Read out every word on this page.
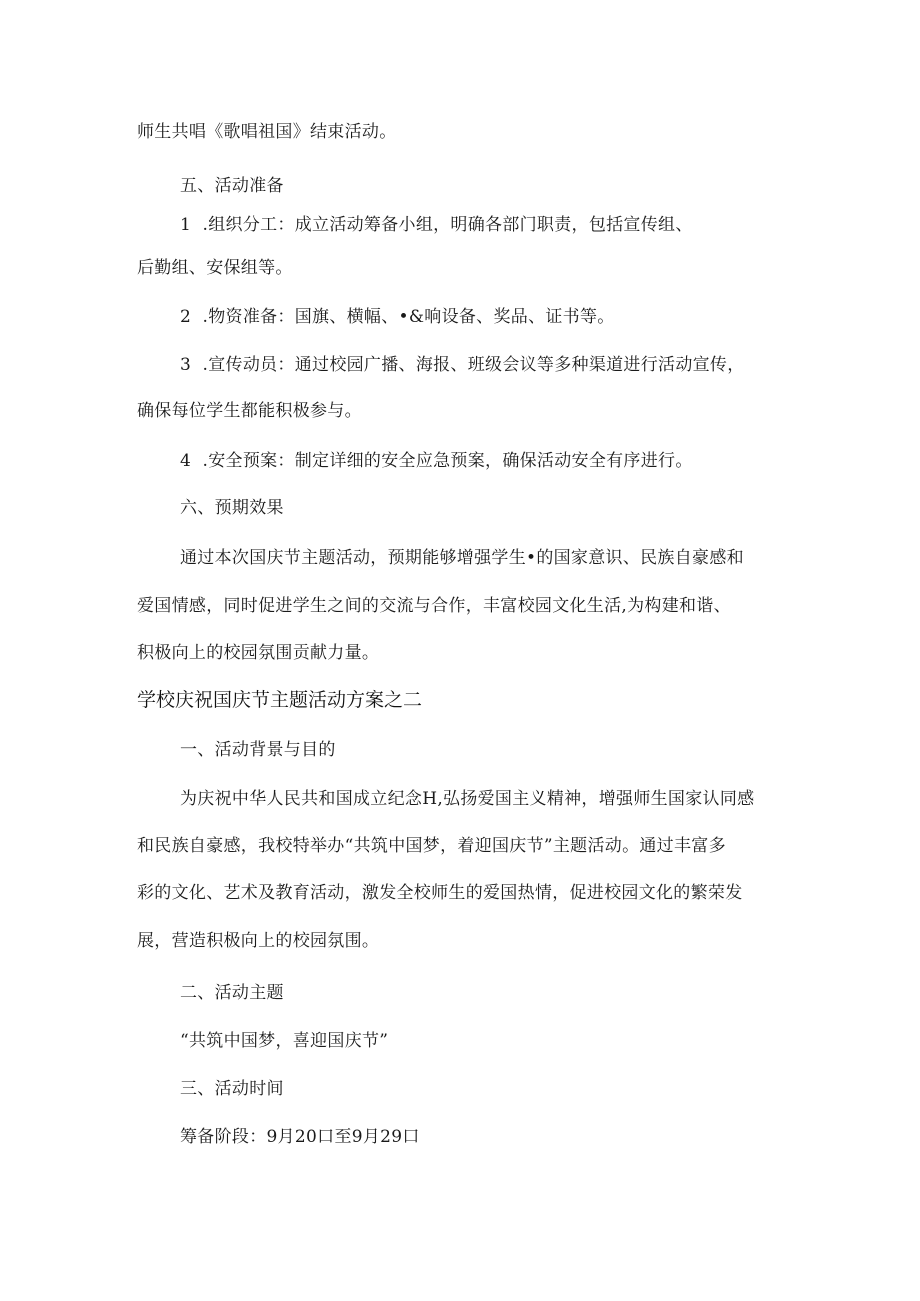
师生共唱《歌唱祖国》结束活动。
五、活动准备
1  .组织分工：成立活动筹备小组，明确各部门职责，包括宣传组、
后勤组、安保组等。
2  .物资准备：国旗、横幅、•&响设备、奖品、证书等。
3  .宣传动员：通过校园广播、海报、班级会议等多种渠道进行活动宣传，
确保每位学生都能积极参与。
4  .安全预案：制定详细的安全应急预案，确保活动安全有序进行。
六、预期效果
通过本次国庆节主题活动，预期能够增强学生•的国家意识、民族自豪感和
爱国情感，同时促进学生之间的交流与合作，丰富校园文化生活,为构建和谐、
积极向上的校园氛围贡献力量。
学校庆祝国庆节主题活动方案之二
一、活动背景与目的
为庆祝中华人民共和国成立纪念H,弘扬爱国主义精神，增强师生国家认同感
和民族自豪感，我校特举办“共筑中国梦，着迎国庆节”主题活动。通过丰富多
彩的文化、艺术及教育活动，激发全校师生的爱国热情，促进校园文化的繁荣发
展，营造积极向上的校园氛围。
二、活动主题
“共筑中国梦，喜迎国庆节”
三、活动时间
筹备阶段：9月20口至9月29口
